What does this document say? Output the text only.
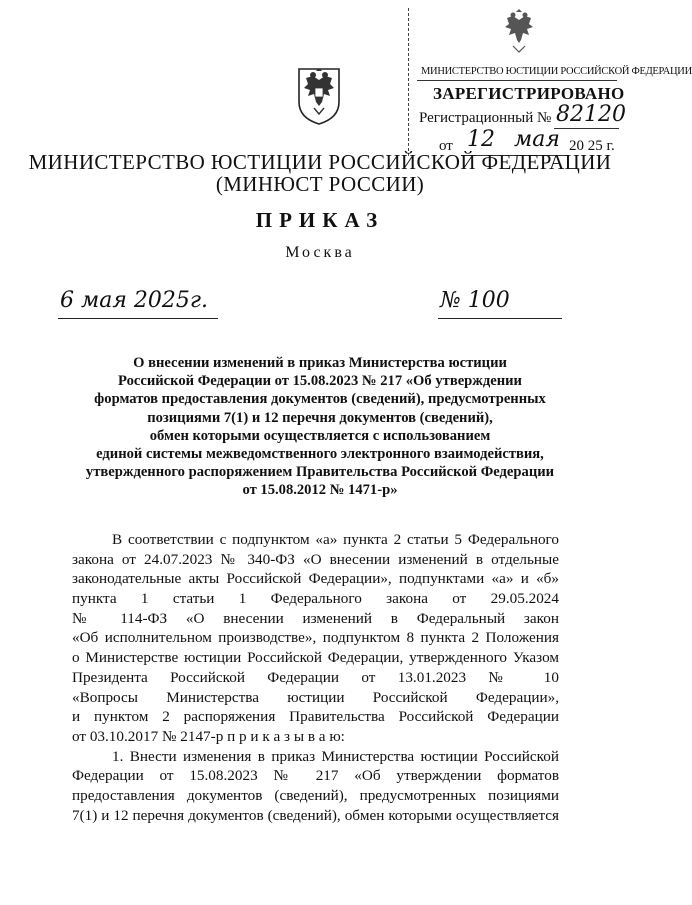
МИНИСТЕРСТВО ЮСТИЦИИ РОССИЙСКОЙ ФЕДЕРАЦИИ
ЗАРЕГИСТРИРОВАНО
Регистрационный № 82120
от 12 мая 20 25 г.
МИНИСТЕРСТВО ЮСТИЦИИ РОССИЙСКОЙ ФЕДЕРАЦИИ
(МИНЮСТ РОССИИ)
ПРИКАЗ
Москва
6 мая 2025г.	№ 100
О внесении изменений в приказ Министерства юстиции
Российской Федерации от 15.08.2023 № 217 «Об утверждении
форматов предоставления документов (сведений), предусмотренных
позициями 7(1) и 12 перечня документов (сведений),
обмен которыми осуществляется с использованием
единой системы межведомственного электронного взаимодействия,
утвержденного распоряжением Правительства Российской Федерации
от 15.08.2012 № 1471-р»
В соответствии с подпунктом «а» пункта 2 статьи 5 Федерального
закона от 24.07.2023 № 340-ФЗ «О внесении изменений в отдельные
законодательные акты Российской Федерации», подпунктами «а» и «б»
пункта 1 статьи 1 Федерального закона от 29.05.2024
№ 114-ФЗ «О внесении изменений в Федеральный закон
«Об исполнительном производстве», подпунктом 8 пункта 2 Положения
о Министерстве юстиции Российской Федерации, утвержденного Указом
Президента Российской Федерации от 13.01.2023 № 10
«Вопросы Министерства юстиции Российской Федерации»,
и пунктом 2 распоряжения Правительства Российской Федерации
от 03.10.2017 № 2147-р п р и к а з ы в а ю:
1. Внести изменения в приказ Министерства юстиции Российской
Федерации от 15.08.2023 № 217 «Об утверждении форматов
предоставления документов (сведений), предусмотренных позициями
7(1) и 12 перечня документов (сведений), обмен которыми осуществляется
